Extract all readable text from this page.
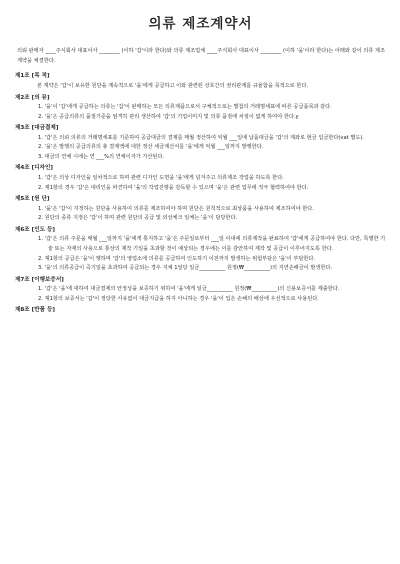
의류 제조계약서
의뢰 판매자 ____주식회사 대표이사 ________ (이하 '갑'이라 한다)와 의류 제조업체 ____주식회사 대표이사 ________ (이하 '을'이라 한다)는 아래와 같이 의류 제조계약을 체결한다.
제1조 [목 적]
본 계약은 '갑'이 보유한 원단을 계속적으로 '을'에게 공급하고 이와 관련된 상호간의 권리관계를 규율함을 목적으로 한다.
제2조 [의 뮤]
1. '을'이 '갑'에게 공급하는 의류는 '갑'이 판매하는 모든 의류제품으로서 구체적으로는 별첨의 거래명세표에 따른 공급품목과 같다.
2. '을'은 공급의류의 품질기준을 엄격히 관리 생산하여 '갑'의 기업이미지 및 의류 품질에 차질이 없게 하여야 한다.y
제3조 [대금결제]
1. '갑'은 의뢰 의류의 거래명세표를 기준하여 공급대금의 결제를 매월 정산하여 익월 ___일에 납품대금을 '갑'의 계좌로 현금 입금한다(vat 별도).
2. '을'은 발행의 공급의류의 총 결제액에 대한 정산 세금계산서를 '을'에게 익월 ___일까지 발행한다.
3. 대금의 연체 시에는 연 ___%의 연체이자가 가산된다.
제4조 [디자인]
1. '갑'은 의상 디자인을 일차적으로 하며 관련 디자인 도면을 '을'에게 넘겨주고 의류제조 작업을 하도록 한다.
2. 제1항의 경우 '갑'은 대리인을 파견하여 '을'의 작업진행을 감독할 수 있으며 '을'은 관련 업무에 적극 협력하여야 한다.
제5조 [원 단]
1. '을'은 '갑'이 지정하는 원단을 사용하여 의류를 제조하여야 하며 원단은 원칙적으로 최상품을 사용하여 제조하여야 한다.
2. 원단의 종류 지정은 '갑'이 하며 관련 원단의 공급 및 외상체크 일체는 '을'이 담당한다.
제6조 [인도 등]
1. '갑'은 의류 주문을 매월 ___일까지 '을'에게 통지하고 '을'은 주문일로부터 ___일 이내에 의류제작을 완료하여 '갑'에게 공급하여야 한다. 다만, 특별한 기술 또는 자재의 사용으로 통상의 제작 기일을 초과할 것이 예상되는 경우에는 이를 감안하여 제작 및 공급이 이루어지도록 한다.
2. 제1항의 공급은 '을'이 행하며 '갑'의 영업소에 의류를 공급하여 인도하기 이전까지 발생하는 위험부담은 '을'이 부담한다.
3. '을'의 의류공급이 즉기일을 초과하여 공급되는 경우 지체 1일당 일금__________ 원정(₩__________)의 지연손해금이 발생한다.
제7조 [이행보증서]
1. '갑'은 '을'에 대하여 대금결제의 안정성을 보증하기 위하여 '을'에게 일금__________ 원정(₩__________)의 신용보증서를 제출한다.
2. 제1항의 보증서는 '갑'이 정당한 사유없이 대금지급을 하지 아니하는 경우 '을'이 입은 손해의 배상에 우선적으로 사용된다.
제8조 [반품 등]
